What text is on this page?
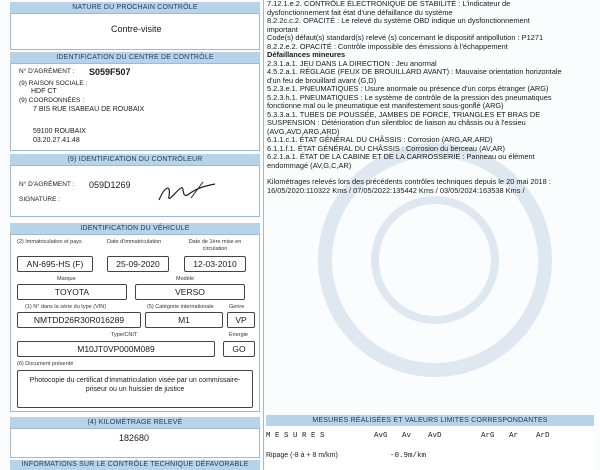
NATURE DU PROCHAIN CONTRÔLE
Contre-visite
IDENTIFICATION DU CENTRE DE CONTRÔLE
N° D'AGRÉMENT : S059F507
(9) RAISON SOCIALE :
HDF CT
(9) COORDONNÉES :
7 BIS RUE ISABEAU DE ROUBAIX
59100 ROUBAIX
03.20.27.41.48
(9) IDENTIFICATION DU CONTRÔLEUR
N° D'AGRÉMENT : 059D1269
SIGNATURE :
IDENTIFICATION DU VÉHICULE
(2) Immatriculation et pays	Date d'immatriculation	Date de 1ère mise en circulation
AN-695-HS (F)	25-09-2020	12-03-2010
Marque	Modèle
TOYOTA	VERSO
(1) N° dans la série du type (VIN)	(5) Catégorie internationale	Genre
NMTDD26R30R016289	M1	VP
Type/CNIT	Énergie
M10JT0VP000M089	GO
(6) Document présenté
Photocopie du certificat d'immatriculation visée par un commissaire-priseur ou un huissier de justice
(4) KILOMÉTRAGE RELEVÉ
182680
INFORMATIONS SUR LE CONTRÔLE TECHNIQUE DÉFAVORABLE
7.12.1.e.2. CONTRÔLE ÉLECTRONIQUE DE STABILITÉ : L'indicateur de
dysfonctionnement fait état d'une défaillance du système
8.2.2c.c.2. OPACITÉ : Le relevé du système OBD indique un dysfonctionnement
important
Code(s) défaut(s) standard(s) relevé (s) concernant le dispositif antipollution : P1271
8.2.2.e.2. OPACITÉ : Contrôle impossible des émissions à l'échappement
Défaillances mineures
2.3.1.a.1. JEU DANS LA DIRECTION : Jeu anormal
4.5.2.a.1. RÉGLAGE (FEUX DE BROUILLARD AVANT) : Mauvaise orientation horizontale
d'un feu de brouillard avant (G,D)
5.2.3.e.1. PNEUMATIQUES : Usure anormale ou présence d'un corps étranger (ARG)
5.2.3.h.1. PNEUMATIQUES : Le système de contrôle de la pression des pneumatiques
fonctionne mal ou le pneumatique est manifestement sous-gonflé (ARG)
5.3.3.a.1. TUBES DE POUSSÉE, JAMBES DE FORCE, TRIANGLES ET BRAS DE
SUSPENSION : Détérioration d'un silentbloc de liaison au châssis ou à l'essieu
(AVG,AVD,ARG,ARD)
6.1.1.c.1. ÉTAT GÉNÉRAL DU CHÂSSIS : Corrosion (ARG,AR,ARD)
6.1.1.f.1. ÉTAT GÉNÉRAL DU CHÂSSIS : Corrosion du berceau (AV,AR)
6.2.1.a.1. ÉTAT DE LA CABINE ET DE LA CARROSSERIE : Panneau ou élément
endommagé (AV,G,C,AR)
Kilométrages relevés lors des précédents contrôles techniques depuis le 20 mai 2018 :
16/05/2020:110322 Kms / 07/05/2022:135442 Kms / 03/05/2024:163538 Kms /
MESURES RÉALISÉES ET VALEURS LIMITES CORRESPONDANTES
M E S U R E S	AvG Av AvD	ArG Ar ArD
Ripage (-8 à + 8 m/km)	-0.9m/km
